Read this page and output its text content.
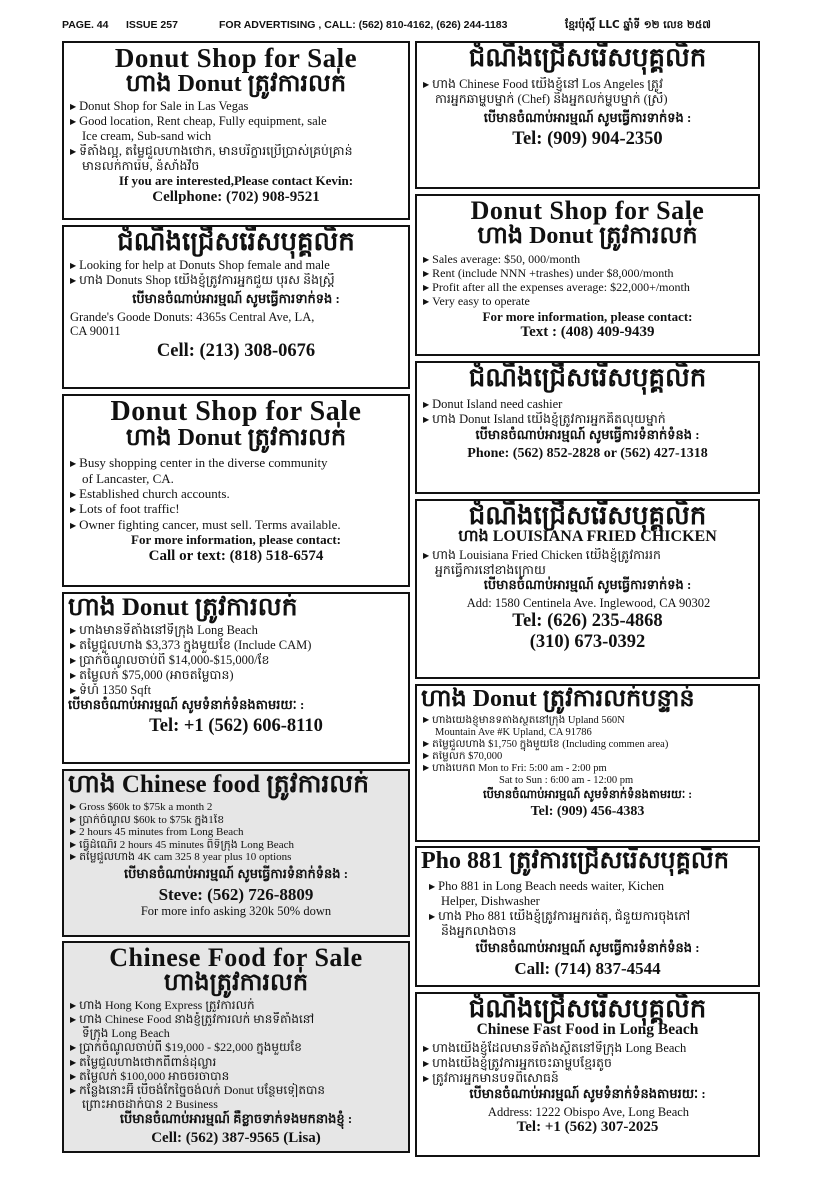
PAGE. 44 ISSUE 257	FOR ADVERTISING , CALL: (562) 810-4162, (626) 244-1183	ខ្មែរប៉ុស្តិ៍ LLC ឆ្នាំទី ១២ លេខ ២៥៧
Donut Shop for Sale
ហាង Donut ត្រូវការលក់
▶ Donut Shop for Sale in Las Vegas
▶ Good location, Rent cheap, Fully equipment, sale
Ice cream, Sub-sand wich
▶ ទីតាំងល្អ, តម្លៃជួលហាងថោក, មានបរិក្ខារប្រើប្រាស់គ្រប់គ្រាន់
មានលក់ការ៉េម, នំសាំងវិច
If you are interested,Please contact Kevin:
Cellphone: (702) 908-9521
ជំណឹងជ្រើសរើសបុគ្គលិក
▶ Looking for help at Donuts Shop female and male
▶ ហាង Donuts Shop យើងខ្ញុំត្រូវការអ្នកជួយ បុរស និងស្ត្រី
បើមានចំណាប់អារម្មណ៍ សូមធ្វើការទាក់ទង :
Grande's Goode Donuts: 4365s Central Ave, LA,
CA 90011
Cell: (213) 308-0676
Donut Shop for Sale
ហាង Donut ត្រូវការលក់
▶ Busy shopping center in the diverse community
of Lancaster, CA.
▶ Established church accounts.
▶ Lots of foot traffic!
▶ Owner fighting cancer, must sell. Terms available.
For more information, please contact:
Call or text: (818) 518-6574
ហាង Donut ត្រូវការលក់
▶ ហាងមានទីតាំងនៅទីក្រុង Long Beach
▶ តម្លៃជួលហាង $3,373 ក្នុងមួយខែ (Include CAM)
▶ ប្រាក់ចំណូលចាប់ពី $14,000-$15,000/ខែ
▶ តម្លៃលក់ $75,000 (អាចតម្លៃបាន)
▶ ទំហំ 1350 Sqft
បើមានចំណាប់អារម្មណ៍ សូមទំនាក់ទំនងតាមរយៈ :
Tel: +1 (562) 606-8110
ហាង Chinese food ត្រូវការលក់
▶ Gross $60k to $75k a month 2
▶ ប្រាក់ចំណូល $60k to $75k ក្នុង1ខែ
▶ 2 hours 45 minutes from Long Beach
▶ ធ្វើដំណើរ 2 hours 45 minutes ពីទីក្រុង Long Beach
▶ តម្លៃជួលហាង 4K cam 325 8 year plus 10 options
បើមានចំណាប់អារម្មណ៍ សូមធ្វើការទំនាក់ទំនង :
Steve: (562) 726-8809
For more info asking 320k 50% down
Chinese Food for Sale
ហាងត្រូវការលក់
▶ ហាង Hong Kong Express ត្រូវការលក់
▶ ហាង Chinese Food នាងខ្ញុំត្រូវការលក់ មានទីតាំងនៅ
ទីក្រុង Long Beach
▶ ប្រាក់ចំណូលចាប់ពី $19,000 - $22,000 ក្នុងមួយខែ
▶ តម្លៃជួលហាងថោកពីពាន់ដុល្លារ
▶ តម្លៃលក់ $100,000 អាចចរចាបាន
▶ កន្លែងនោះអ៊ី បើចង់កែច្នៃចង់លក់ Donut បន្ថែមទៀតបាន
ព្រោះអាចដាក់បាន 2 Business
បើមានចំណាប់អារម្មណ៍ គឺខ្លាចទាក់ទងមកនាងខ្ញុំ :
Cell: (562) 387-9565 (Lisa)
ជំណឹងជ្រើសរើសបុគ្គលិក
▶ ហាង Chinese Food យើងខ្ញុំនៅ Los Angeles ត្រូវ
ការអ្នកឆាម្ហូបម្នាក់ (Chef) និងអ្នកលក់ម្ហូបម្នាក់ (ស្រី)
បើមានចំណាប់អារម្មណ៍ សូមធ្វើការទាក់ទង :
Tel: (909) 904-2350
Donut Shop for Sale
ហាង Donut ត្រូវការលក់
▶ Sales average: $50, 000/month
▶ Rent (include NNN +trashes) under $8,000/month
▶ Profit after all the expenses average: $22,000+/month
▶ Very easy to operate
For more information, please contact:
Text : (408) 409-9439
ជំណឹងជ្រើសរើសបុគ្គលិក
▶ Donut Island need cashier
▶ ហាង Donut Island យើងខ្ញុំត្រូវការអ្នកគិតលុយម្នាក់
បើមានចំណាប់អារម្មណ៍ សូមធ្វើការទំនាក់ទំនង :
Phone: (562) 852-2828 or (562) 427-1318
ជំណឹងជ្រើសរើសបុគ្គលិក
ហាង LOUISIANA FRIED CHICKEN
▶ ហាង Louisiana Fried Chicken យើងខ្ញុំត្រូវការរក
អ្នកធ្វើការនៅខាងក្រោយ
បើមានចំណាប់អារម្មណ៍ សូមធ្វើការទាក់ទង :
Add: 1580 Centinela Ave. Inglewood, CA 90302
Tel: (626) 235-4868
(310) 673-0392
ហាង Donut ត្រូវការលក់បន្ទាន់
▶ ហាងយើងខ្ញុំមានទីតាំងស្ថិតនៅក្រុង Upland 560N
Mountain Ave #K Upland, CA 91786
▶ តម្លៃជួលហាង $1,750 ក្នុងមួយខែ (Including commen area)
▶ តម្លៃលក់ $70,000
▶ ហាងបើកពី Mon to Fri: 5:00 am - 2:00 pm
Sat to Sun : 6:00 am - 12:00 pm
បើមានចំណាប់អារម្មណ៍ សូមទំនាក់ទំនងតាមរយៈ :
Tel: (909) 456-4383
Pho 881 ត្រូវការជ្រើសរើសបុគ្គលិក
▶ Pho 881 in Long Beach needs waiter, Kichen
Helper, Dishwasher
▶ ហាង Pho 881 យើងខ្ញុំត្រូវការអ្នករត់តុ, ជំនួយការចុងភៅ
និងអ្នកលាងចាន
បើមានចំណាប់អារម្មណ៍ សូមធ្វើការទំនាក់ទំនង :
Call: (714) 837-4544
ជំណឹងជ្រើសរើសបុគ្គលិក
Chinese Fast Food in Long Beach
▶ ហាងយើងខ្ញុំដែលមានទីតាំងស្ថិតនៅទីក្រុង Long Beach
▶ ហាងយើងខ្ញុំត្រូវការអ្នកចេះឆាម្ហូបខ្មែរតូច
▶ ត្រូវការអ្នកមានបទពិសោធន៍
បើមានចំណាប់អារម្មណ៍ សូមទំនាក់ទំនងតាមរយៈ :
Address: 1222 Obispo Ave, Long Beach
Tel: +1 (562) 307-2025
